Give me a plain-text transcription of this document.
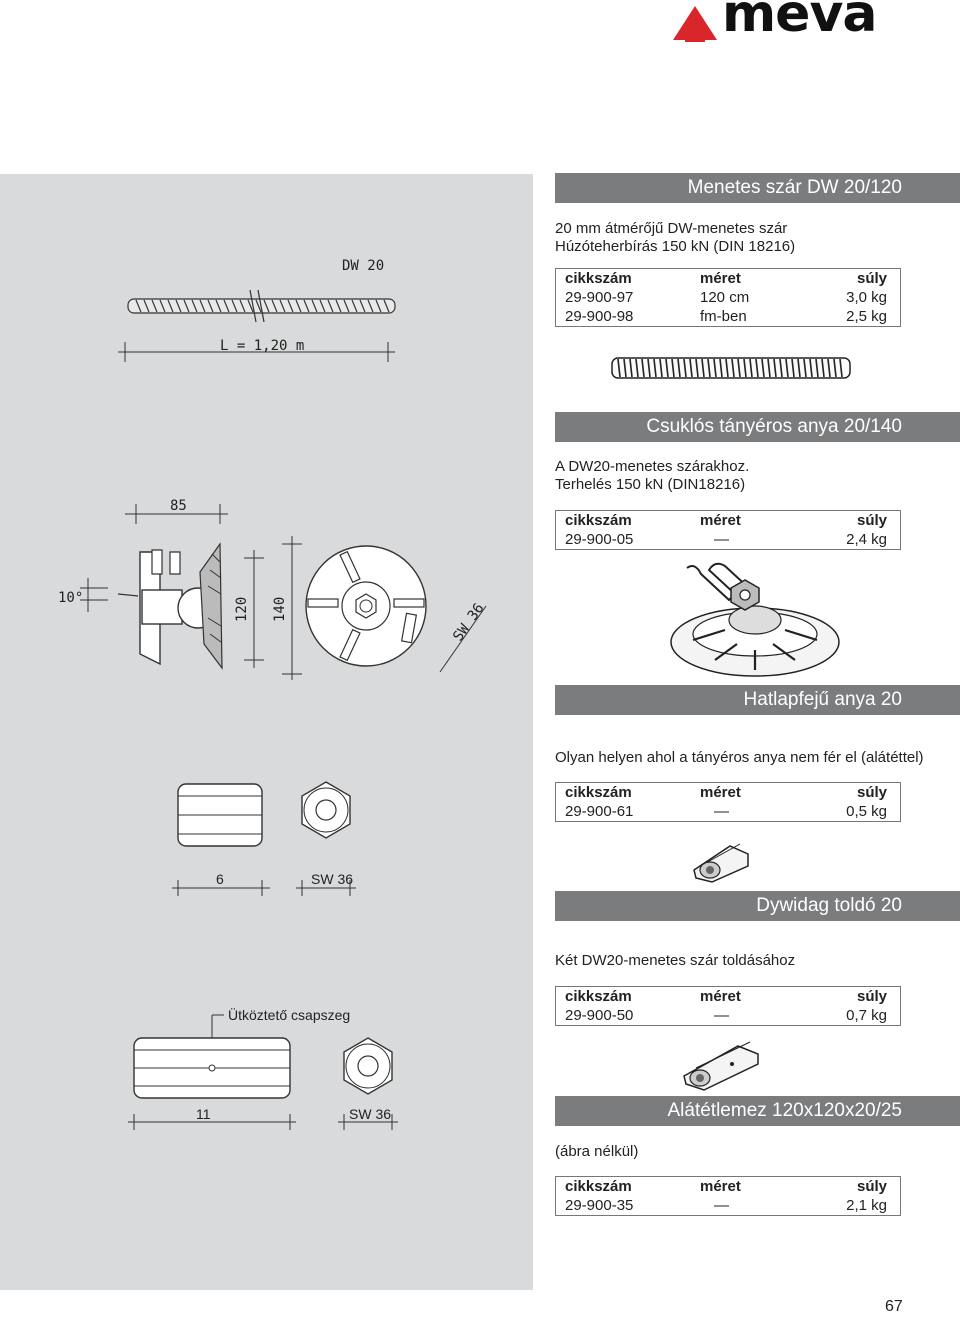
meva
DW 20
L = 1,20 m
85
10°	120 140	SW 36
6	SW 36
Ütköztető csapszeg
11	SW 36
Menetes szár DW 20/120
20 mm átmérőjű DW-menetes szár
Húzóteherbírás 150 kN (DIN 18216)
cikkszám	méret	súly
29-900-97	120 cm	3,0 kg
29-900-98	fm-ben	2,5 kg
Csuklós tányéros anya 20/140
A DW20-menetes szárakhoz.
Terhelés 150 kN (DIN18216)
cikkszám	méret	súly
29-900-05	—	2,4 kg
Hatlapfejű anya 20
Olyan helyen ahol a tányéros anya nem fér el (alátéttel)
cikkszám	méret	súly
29-900-61	—	0,5 kg
Dywidag toldó 20
Két DW20-menetes szár toldásához
cikkszám	méret	súly
29-900-50	—	0,7 kg
Alátétlemez 120x120x20/25
(ábra nélkül)
cikkszám	méret	súly
29-900-35	—	2,1 kg
67
